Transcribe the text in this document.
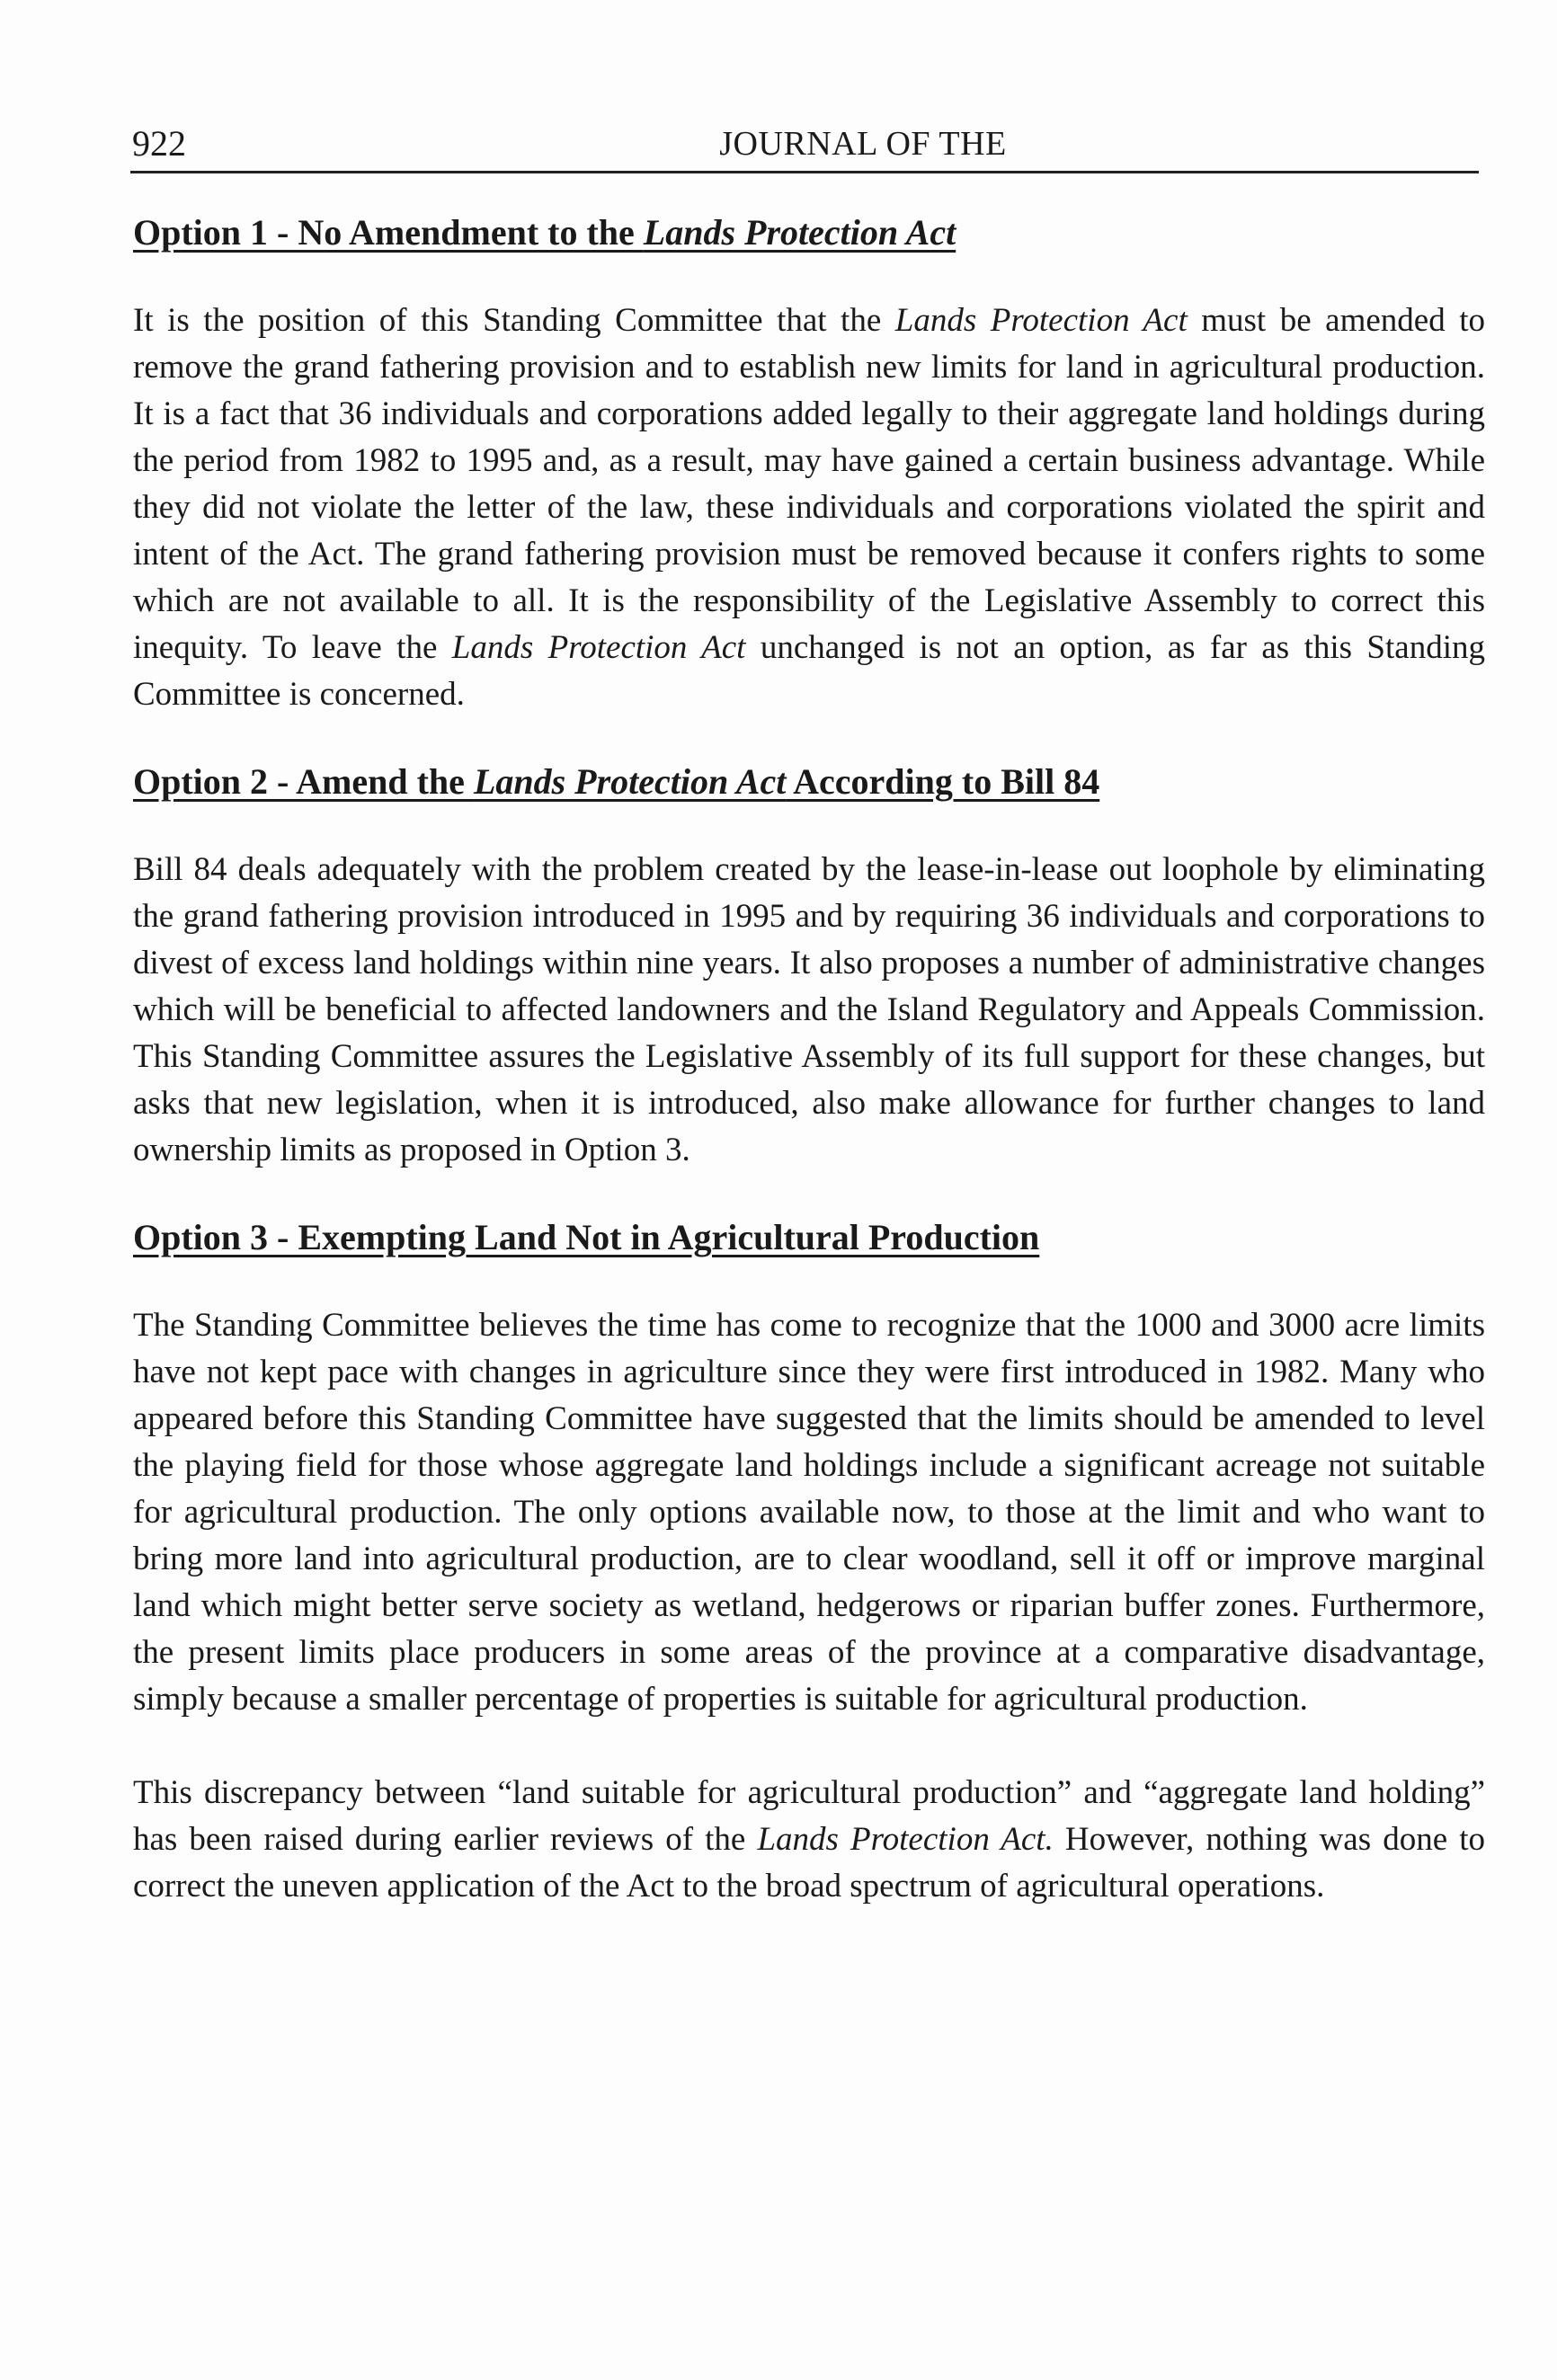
922	JOURNAL OF THE
Option 1 - No Amendment to the Lands Protection Act

It is the position of this Standing Committee that the Lands Protection Act must be amended to remove the grand fathering provision and to establish new limits for land in agricultural production. It is a fact that 36 individuals and corporations added legally to their aggregate land holdings during the period from 1982 to 1995 and, as a result, may have gained a certain business advantage. While they did not violate the letter of the law, these individuals and corporations violated the spirit and intent of the Act. The grand fathering provision must be removed because it confers rights to some which are not available to all. It is the responsibility of the Legislative Assembly to correct this inequity. To leave the Lands Protection Act unchanged is not an option, as far as this Standing Committee is concerned.

Option 2 - Amend the Lands Protection Act According to Bill 84

Bill 84 deals adequately with the problem created by the lease-in-lease out loophole by eliminating the grand fathering provision introduced in 1995 and by requiring 36 individuals and corporations to divest of excess land holdings within nine years. It also proposes a number of administrative changes which will be beneficial to affected landowners and the Island Regulatory and Appeals Commission. This Standing Committee assures the Legislative Assembly of its full support for these changes, but asks that new legislation, when it is introduced, also make allowance for further changes to land ownership limits as proposed in Option 3.

Option 3 - Exempting Land Not in Agricultural Production

The Standing Committee believes the time has come to recognize that the 1000 and 3000 acre limits have not kept pace with changes in agriculture since they were first introduced in 1982. Many who appeared before this Standing Committee have suggested that the limits should be amended to level the playing field for those whose aggregate land holdings include a significant acreage not suitable for agricultural production. The only options available now, to those at the limit and who want to bring more land into agricultural production, are to clear woodland, sell it off or improve marginal land which might better serve society as wetland, hedgerows or riparian buffer zones. Furthermore, the present limits place producers in some areas of the province at a comparative disadvantage, simply because a smaller percentage of properties is suitable for agricultural production.

This discrepancy between “land suitable for agricultural production” and “aggregate land holding” has been raised during earlier reviews of the Lands Protection Act. However, nothing was done to correct the uneven application of the Act to the broad spectrum of agricultural operations.
